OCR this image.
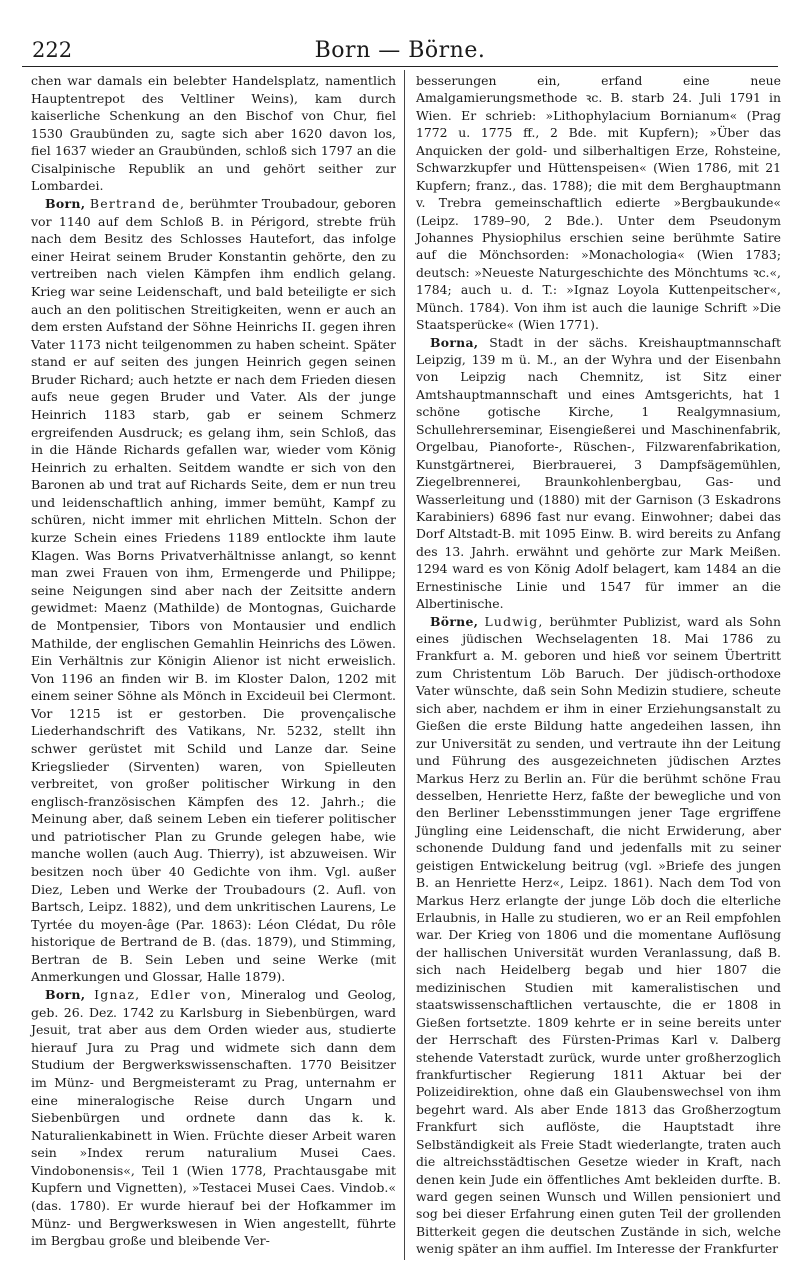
222	Born — Börne.

chen war damals ein belebter Handelsplatz, namentlich Hauptentrepot des Veltliner Weins), kam durch kaiserliche Schenkung an den Bischof von Chur, fiel 1530 Graubünden zu, sagte sich aber 1620 davon los, fiel 1637 wieder an Graubünden, schloß sich 1797 an die Cisalpinische Republik an und gehört seither zur Lombardei.

Born, Bertrand de, berühmter Troubadour, geboren vor 1140 auf dem Schloß B. in Périgord, strebte früh nach dem Besitz des Schlosses Hautefort, das infolge einer Heirat seinem Bruder Konstantin gehörte, den zu vertreiben nach vielen Kämpfen ihm endlich gelang. Krieg war seine Leidenschaft, und bald beteiligte er sich auch an den politischen Streitigkeiten, wenn er auch an dem ersten Aufstand der Söhne Heinrichs II. gegen ihren Vater 1173 nicht teilgenommen zu haben scheint. Später stand er auf seiten des jungen Heinrich gegen seinen Bruder Richard; auch hetzte er nach dem Frieden diesen aufs neue gegen Bruder und Vater. Als der junge Heinrich 1183 starb, gab er seinem Schmerz ergreifenden Ausdruck; es gelang ihm, sein Schloß, das in die Hände Richards gefallen war, wieder vom König Heinrich zu erhalten. Seitdem wandte er sich von den Baronen ab und trat auf Richards Seite, dem er nun treu und leidenschaftlich anhing, immer bemüht, Kampf zu schüren, nicht immer mit ehrlichen Mitteln. Schon der kurze Schein eines Friedens 1189 entlockte ihm laute Klagen. Was Borns Privatverhältnisse anlangt, so kennt man zwei Frauen von ihm, Ermengerde und Philippe; seine Neigungen sind aber nach der Zeitsitte andern gewidmet: Maenz (Mathilde) de Montognas, Guicharde de Montpensier, Tibors von Montausier und endlich Mathilde, der englischen Gemahlin Heinrichs des Löwen. Ein Verhältnis zur Königin Alienor ist nicht erweislich. Von 1196 an finden wir B. im Kloster Dalon, 1202 mit einem seiner Söhne als Mönch in Excideuil bei Clermont. Vor 1215 ist er gestorben. Die provençalische Liederhandschrift des Vatikans, Nr. 5232, stellt ihn schwer gerüstet mit Schild und Lanze dar. Seine Kriegslieder (Sirventen) waren, von Spielleuten verbreitet, von großer politischer Wirkung in den englisch-französischen Kämpfen des 12. Jahrh.; die Meinung aber, daß seinem Leben ein tieferer politischer und patriotischer Plan zu Grunde gelegen habe, wie manche wollen (auch Aug. Thierry), ist abzuweisen. Wir besitzen noch über 40 Gedichte von ihm. Vgl. außer Diez, Leben und Werke der Troubadours (2. Aufl. von Bartsch, Leipz. 1882), und dem unkritischen Laurens, Le Tyrtée du moyen-âge (Par. 1863): Léon Clédat, Du rôle historique de Bertrand de B. (das. 1879), und Stimming, Bertran de B. Sein Leben und seine Werke (mit Anmerkungen und Glossar, Halle 1879).

Born, Ignaz, Edler von, Mineralog und Geolog, geb. 26. Dez. 1742 zu Karlsburg in Siebenbürgen, ward Jesuit, trat aber aus dem Orden wieder aus, studierte hierauf Jura zu Prag und widmete sich dann dem Studium der Bergwerkswissenschaften. 1770 Beisitzer im Münz- und Bergmeisteramt zu Prag, unternahm er eine mineralogische Reise durch Ungarn und Siebenbürgen und ordnete dann das k. k. Naturalienkabinett in Wien. Früchte dieser Arbeit waren sein »Index rerum naturalium Musei Caes. Vindobonensis«, Teil 1 (Wien 1778, Prachtausgabe mit Kupfern und Vignetten), »Testacei Musei Caes. Vindob.« (das. 1780). Er wurde hierauf bei der Hofkammer im Münz- und Bergwerkswesen in Wien angestellt, führte im Bergbau große und bleibende Ver-

besserungen ein, erfand eine neue Amalgamierungsmethode ꝛc. B. starb 24. Juli 1791 in Wien. Er schrieb: »Lithophylacium Bornianum« (Prag 1772 u. 1775 ff., 2 Bde. mit Kupfern); »Über das Anquicken der gold- und silberhaltigen Erze, Rohsteine, Schwarzkupfer und Hüttenspeisen« (Wien 1786, mit 21 Kupfern; franz., das. 1788); die mit dem Berghauptmann v. Trebra gemeinschaftlich edierte »Bergbaukunde« (Leipz. 1789–90, 2 Bde.). Unter dem Pseudonym Johannes Physiophilus erschien seine berühmte Satire auf die Mönchsorden: »Monachologia« (Wien 1783; deutsch: »Neueste Naturgeschichte des Mönchtums ꝛc.«, 1784; auch u. d. T.: »Ignaz Loyola Kuttenpeitscher«, Münch. 1784). Von ihm ist auch die launige Schrift »Die Staatsperücke« (Wien 1771).

Borna, Stadt in der sächs. Kreishauptmannschaft Leipzig, 139 m ü. M., an der Wyhra und der Eisenbahn von Leipzig nach Chemnitz, ist Sitz einer Amtshauptmannschaft und eines Amtsgerichts, hat 1 schöne gotische Kirche, 1 Realgymnasium, Schullehrerseminar, Eisengießerei und Maschinenfabrik, Orgelbau, Pianoforte-, Rüschen-, Filzwarenfabrikation, Kunstgärtnerei, Bierbrauerei, 3 Dampfsägemühlen, Ziegelbrennerei, Braunkohlenbergbau, Gas- und Wasserleitung und (1880) mit der Garnison (3 Eskadrons Karabiniers) 6896 fast nur evang. Einwohner; dabei das Dorf Altstadt-B. mit 1095 Einw. B. wird bereits zu Anfang des 13. Jahrh. erwähnt und gehörte zur Mark Meißen. 1294 ward es von König Adolf belagert, kam 1484 an die Ernestinische Linie und 1547 für immer an die Albertinische.

Börne, Ludwig, berühmter Publizist, ward als Sohn eines jüdischen Wechselagenten 18. Mai 1786 zu Frankfurt a. M. geboren und hieß vor seinem Übertritt zum Christentum Löb Baruch. Der jüdisch-orthodoxe Vater wünschte, daß sein Sohn Medizin studiere, scheute sich aber, nachdem er ihm in einer Erziehungsanstalt zu Gießen die erste Bildung hatte angedeihen lassen, ihn zur Universität zu senden, und vertraute ihn der Leitung und Führung des ausgezeichneten jüdischen Arztes Markus Herz zu Berlin an. Für die berühmt schöne Frau desselben, Henriette Herz, faßte der bewegliche und von den Berliner Lebensstimmungen jener Tage ergriffene Jüngling eine Leidenschaft, die nicht Erwiderung, aber schonende Duldung fand und jedenfalls mit zu seiner geistigen Entwickelung beitrug (vgl. »Briefe des jungen B. an Henriette Herz«, Leipz. 1861). Nach dem Tod von Markus Herz erlangte der junge Löb doch die elterliche Erlaubnis, in Halle zu studieren, wo er an Reil empfohlen war. Der Krieg von 1806 und die momentane Auflösung der hallischen Universität wurden Veranlassung, daß B. sich nach Heidelberg begab und hier 1807 die medizinischen Studien mit kameralistischen und staatswissenschaftlichen vertauschte, die er 1808 in Gießen fortsetzte. 1809 kehrte er in seine bereits unter der Herrschaft des Fürsten-Primas Karl v. Dalberg stehende Vaterstadt zurück, wurde unter großherzoglich frankfurtischer Regierung 1811 Aktuar bei der Polizeidirektion, ohne daß ein Glaubenswechsel von ihm begehrt ward. Als aber Ende 1813 das Großherzogtum Frankfurt sich auflöste, die Hauptstadt ihre Selbständigkeit als Freie Stadt wiederlangte, traten auch die altreichsstädtischen Gesetze wieder in Kraft, nach denen kein Jude ein öffentliches Amt bekleiden durfte. B. ward gegen seinen Wunsch und Willen pensioniert und sog bei dieser Erfahrung einen guten Teil der grollenden Bitterkeit gegen die deutschen Zustände in sich, welche wenig später an ihm auffiel. Im Interesse der Frankfurter
